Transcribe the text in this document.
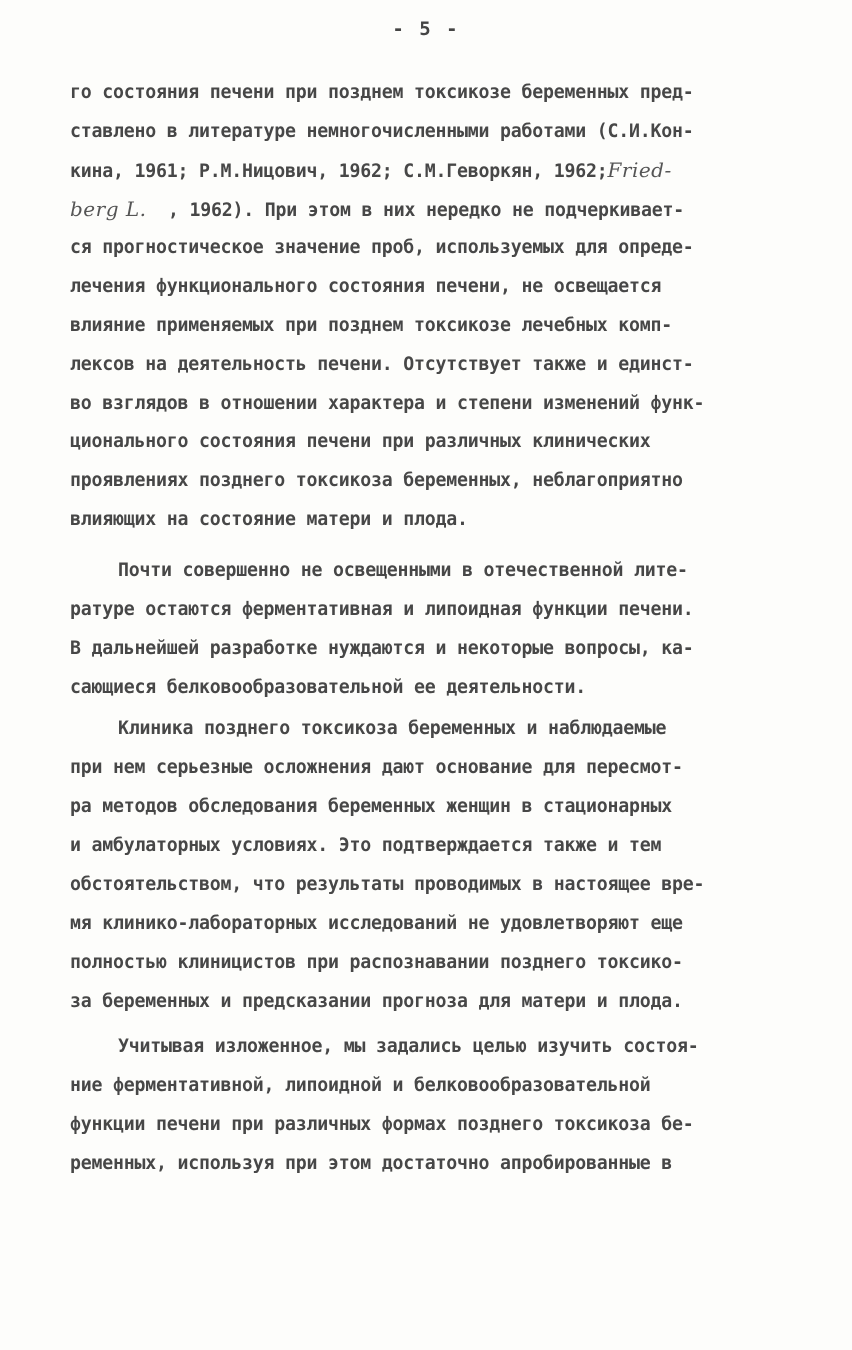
- 5 -
го состояния печени при позднем токсикозе беременных пред-
ставлено в литературе немногочисленными работами (С.И.Кон-
кина, 1961; Р.М.Ницович, 1962; С.М.Геворкян, 1962;Fried-
berg L. , 1962). При этом в них нередко не подчеркивает-
ся прогностическое значение проб, используемых для опреде-
лечения функционального состояния печени, не освещается
влияние применяемых при позднем токсикозе лечебных комп-
лексов на деятельность печени. Отсутствует также и единст-
во взглядов в отношении характера и степени изменений функ-
ционального состояния печени при различных клинических
проявлениях позднего токсикоза беременных, неблагоприятно
влияющих на состояние матери и плода.
Почти совершенно не освещенными в отечественной лите-
ратуре остаются ферментативная и липоидная функции печени.
В дальнейшей разработке нуждаются и некоторые вопросы, ка-
сающиеся белковообразовательной ее деятельности.
Клиника позднего токсикоза беременных и наблюдаемые
при нем серьезные осложнения дают основание для пересмот-
ра методов обследования беременных женщин в стационарных
и амбулаторных условиях. Это подтверждается также и тем
обстоятельством, что результаты проводимых в настоящее вре-
мя клинико-лабораторных исследований не удовлетворяют еще
полностью клиницистов при распознавании позднего токсико-
за беременных и предсказании прогноза для матери и плода.
Учитывая изложенное, мы задались целью изучить состоя-
ние ферментативной, липоидной и белковообразовательной
функции печени при различных формах позднего токсикоза бе-
ременных, используя при этом достаточно апробированные в
